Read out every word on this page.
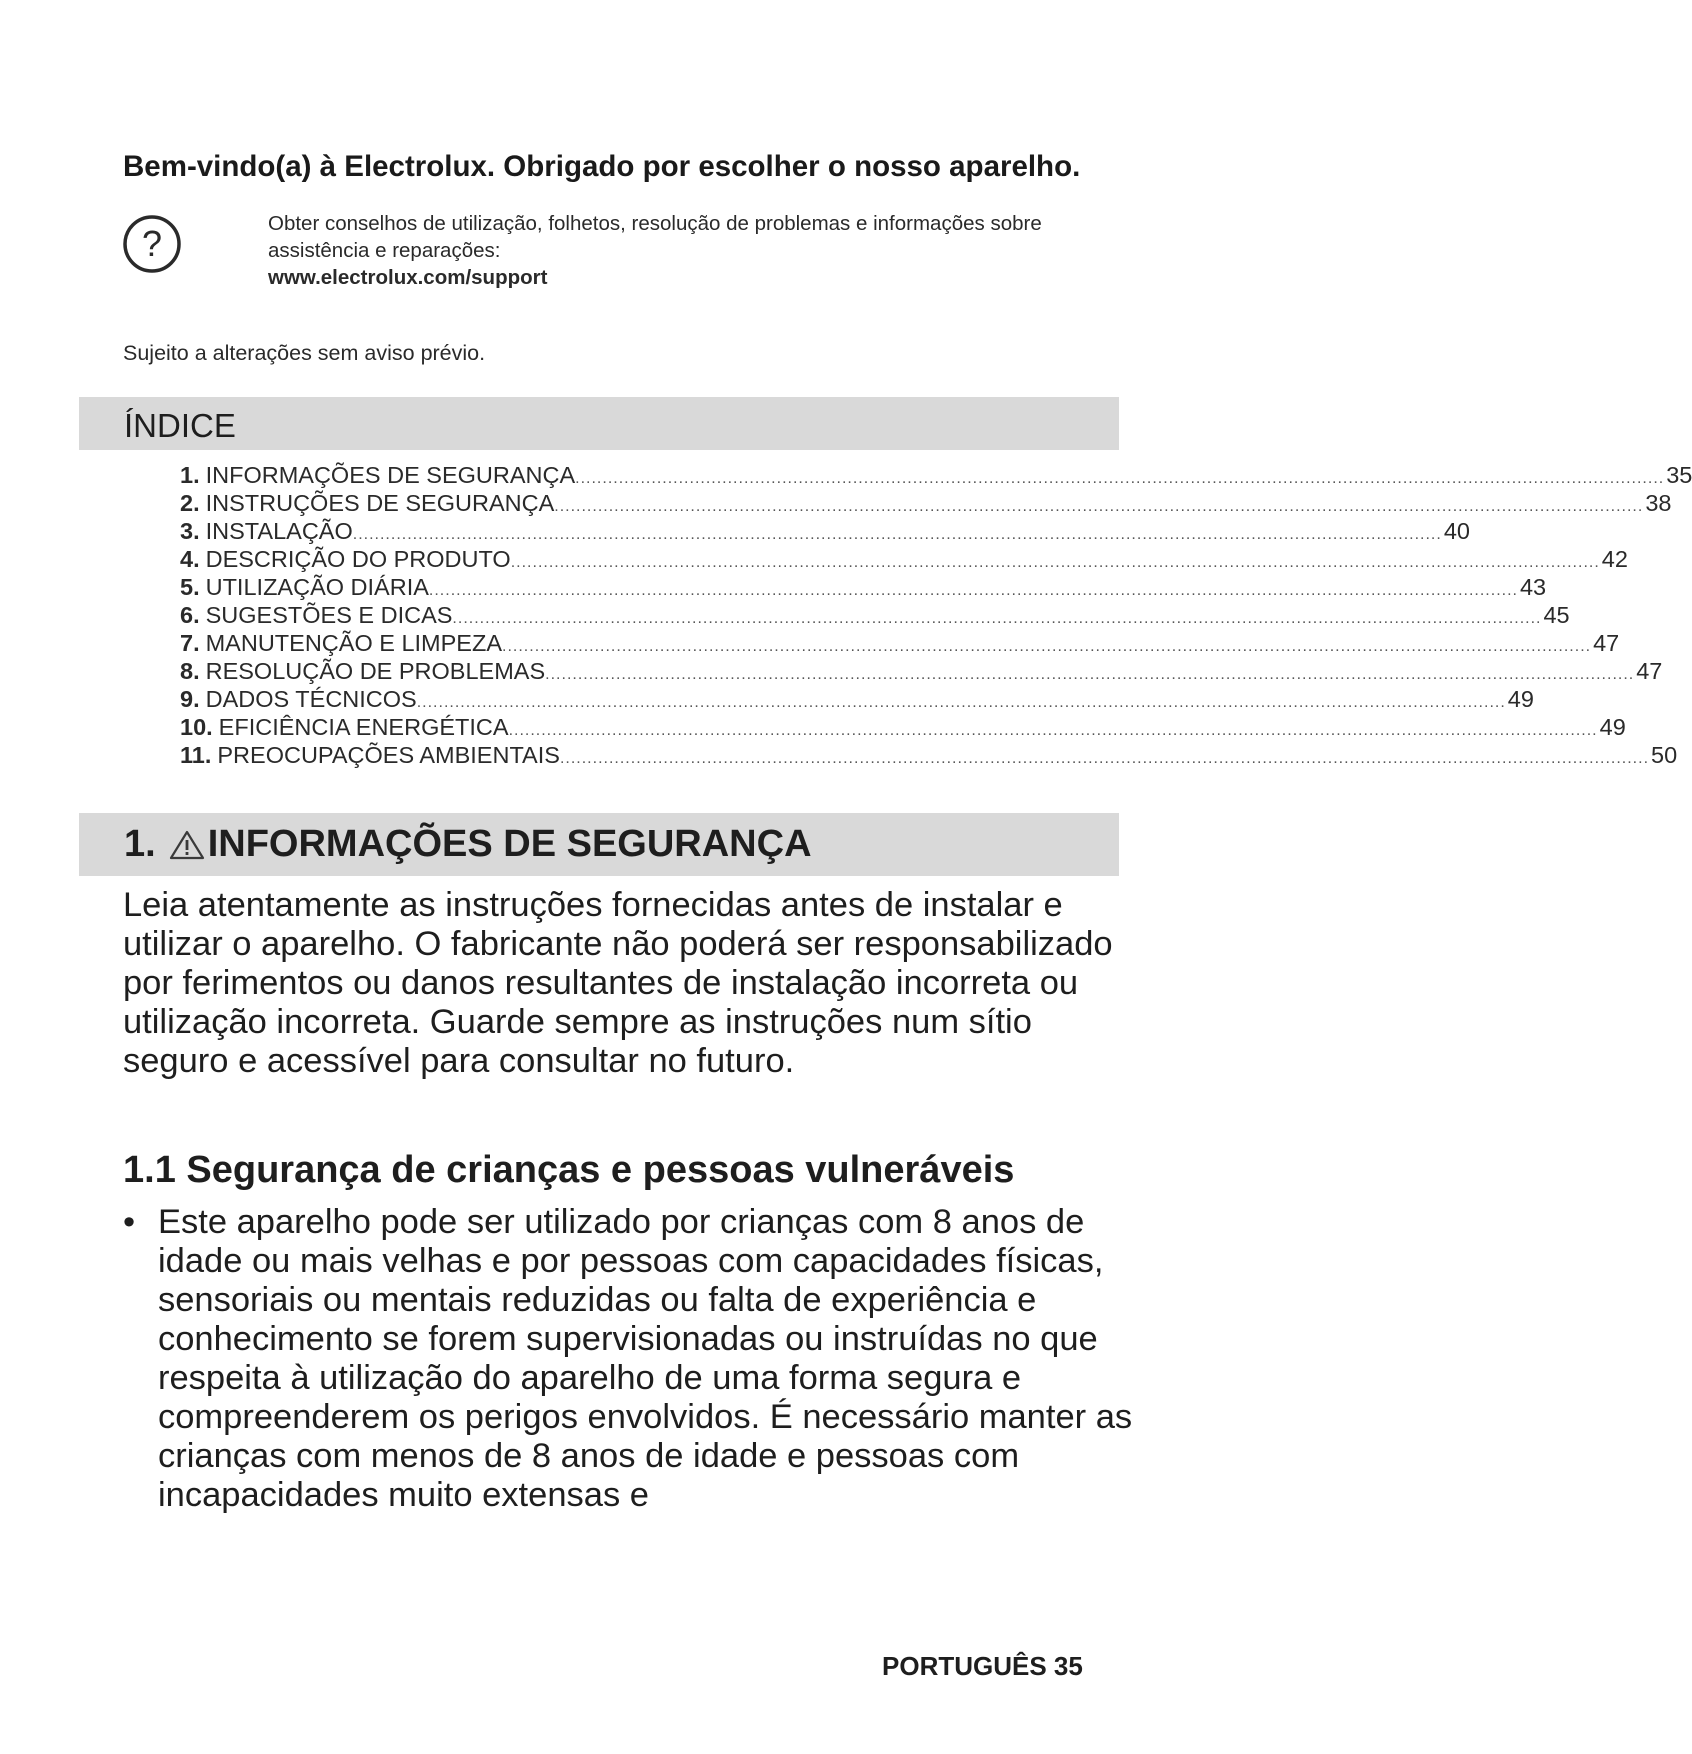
Bem-vindo(a) à Electrolux. Obrigado por escolher o nosso aparelho.
?	Obter conselhos de utilização, folhetos, resolução de problemas e informações sobre
assistência e reparações:
www.electrolux.com/support
Sujeito a alterações sem aviso prévio.
ÍNDICE
1. INFORMAÇÕES DE SEGURANÇA ........................................................................................................................................................................................................ 35
2. INSTRUÇÕES DE SEGURANÇA ........................................................................................................................................................................................................ 38
3. INSTALAÇÃO ........................................................................................................................................................................................................ 40
4. DESCRIÇÃO DO PRODUTO ........................................................................................................................................................................................................ 42
5. UTILIZAÇÃO DIÁRIA ........................................................................................................................................................................................................ 43
6. SUGESTÕES E DICAS ........................................................................................................................................................................................................ 45
7. MANUTENÇÃO E LIMPEZA ........................................................................................................................................................................................................ 47
8. RESOLUÇÃO DE PROBLEMAS ........................................................................................................................................................................................................ 47
9. DADOS TÉCNICOS ........................................................................................................................................................................................................ 49
10. EFICIÊNCIA ENERGÉTICA ........................................................................................................................................................................................................ 49
11. PREOCUPAÇÕES AMBIENTAIS ........................................................................................................................................................................................................ 50
1. INFORMAÇÕES DE SEGURANÇA

Leia atentamente as instruções fornecidas antes de instalar e utilizar o aparelho. O fabricante não poderá ser responsabilizado por ferimentos ou danos resultantes de instalação incorreta ou utilização incorreta. Guarde sempre as instruções num sítio seguro e acessível para consultar no futuro.

1.1 Segurança de crianças e pessoas vulneráveis

• Este aparelho pode ser utilizado por crianças com 8 anos de idade ou mais velhas e por pessoas com capacidades físicas, sensoriais ou mentais reduzidas ou falta de experiência e conhecimento se forem supervisionadas ou instruídas no que respeita à utilização do aparelho de uma forma segura e compreenderem os perigos envolvidos. É necessário manter as crianças com menos de 8 anos de idade e pessoas com incapacidades muito extensas e

PORTUGUÊS 35
